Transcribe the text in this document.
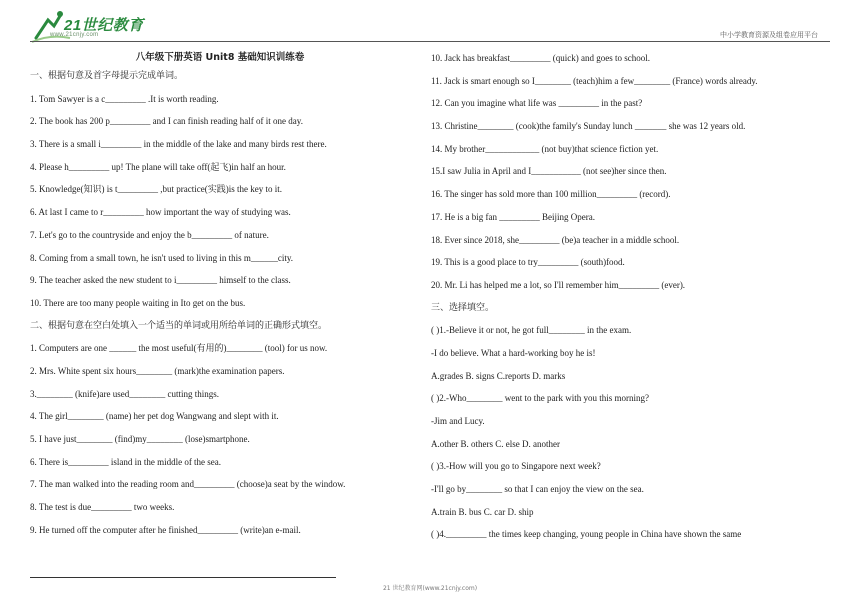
21世纪教育
www.21cnjy.com	中小学教育资源及组卷应用平台
八年级下册英语 Unit8 基础知识训练卷
一、根据句意及首字母提示完成单词。
1. Tom Sawyer is a c_________ .It is worth reading.
2. The book has 200 p_________ and I can finish reading half of it one day.
3. There is a small i_________ in the middle of the lake and many birds rest there.
4. Please h_________ up! The plane will take off(起飞)in half an hour.
5. Knowledge(知识) is t_________ ,but practice(实践)is the key to it.
6. At last I came to r_________ how important the way of studying was.
7. Let's go to the countryside and enjoy the b_________ of nature.
8. Coming from a small town, he isn't used to living in this m______city.
9. The teacher asked the new student to i_________ himself to the class.
10. There are too many people waiting in Ito get on the bus.
二、根据句意在空白处填入一个适当的单词或用所给单词的正确形式填空。
1. Computers are one ______ the most useful(有用的)________ (tool) for us now.
2. Mrs. White spent six hours________ (mark)the examination papers.
3.________ (knife)are used________ cutting things.
4. The girl________ (name) her pet dog Wangwang and slept with it.
5. I have just________ (find)my________ (lose)smartphone.
6. There is_________ island in the middle of the sea.
7. The man walked into the reading room and_________ (choose)a seat by the window.
8. The test is due_________ two weeks.
9. He turned off the computer after he finished_________ (write)an e-mail.
10. Jack has breakfast_________ (quick) and goes to school.
11. Jack is smart enough so I________ (teach)him a few________ (France) words already.
12. Can you imagine what life was _________ in the past?
13. Christine________ (cook)the family's Sunday lunch _______ she was 12 years old.
14. My brother____________ (not buy)that science fiction yet.
15.I saw Julia in April and I___________ (not see)her since then.
16. The singer has sold more than 100 million_________ (record).
17. He is a big fan _________ Beijing Opera.
18. Ever since 2018, she_________ (be)a teacher in a middle school.
19. This is a good place to try_________ (south)food.
20. Mr. Li has helped me a lot, so I'll remember him_________ (ever).
三、选择填空。
( )1.-Believe it or not, he got full________ in the exam.
-I do believe. What a hard-working boy he is!
A.grades B. signs C.reports D. marks
( )2.-Who________ went to the park with you this morning?
-Jim and Lucy.
A.other B. others C. else D. another
( )3.-How will you go to Singapore next week?
-I'll go by________ so that I can enjoy the view on the sea.
A.train B. bus C. car D. ship
( )4._________ the times keep changing, young people in China have shown the same
21 世纪教育网(www.21cnjy.com)
